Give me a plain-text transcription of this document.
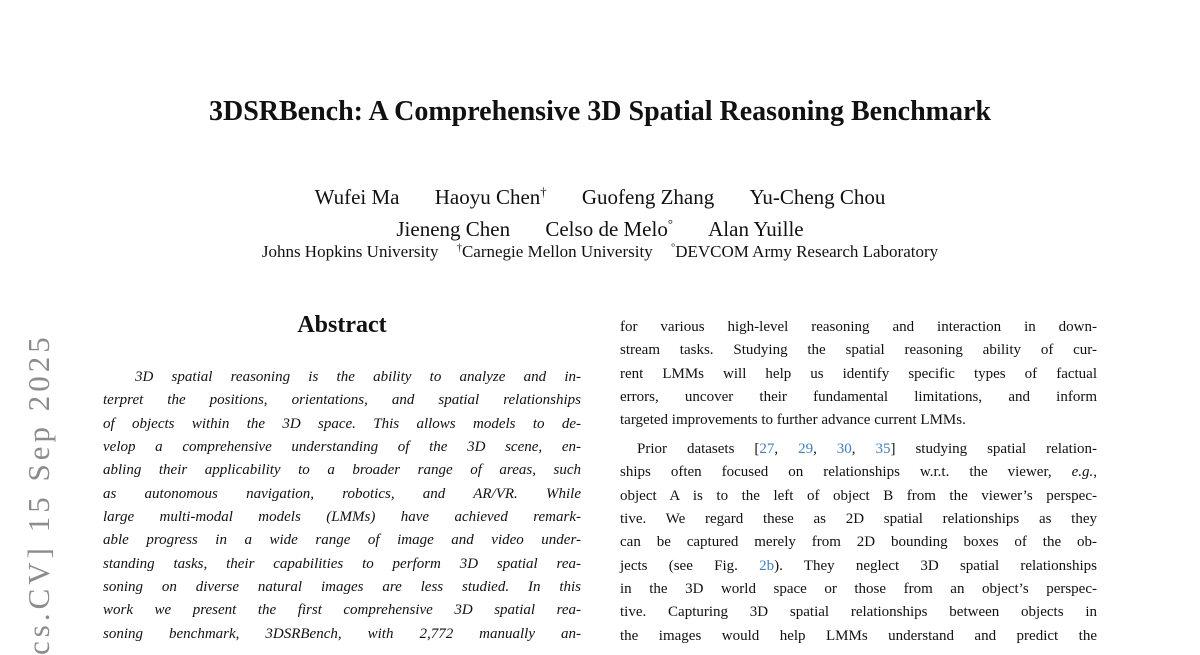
cs.CV] 15 Sep 2025
3DSRBench: A Comprehensive 3D Spatial Reasoning Benchmark
Wufei Ma Haoyu Chen† Guofeng Zhang Yu-Cheng Chou
Jieneng Chen Celso de Melo° Alan Yuille
Johns Hopkins University †Carnegie Mellon University °DEVCOM Army Research Laboratory
Abstract
3D spatial reasoning is the ability to analyze and in-
terpret the positions, orientations, and spatial relationships
of objects within the 3D space. This allows models to de-
velop a comprehensive understanding of the 3D scene, en-
abling their applicability to a broader range of areas, such
as autonomous navigation, robotics, and AR/VR. While
large multi-modal models (LMMs) have achieved remark-
able progress in a wide range of image and video under-
standing tasks, their capabilities to perform 3D spatial rea-
soning on diverse natural images are less studied. In this
work we present the first comprehensive 3D spatial rea-
soning benchmark, 3DSRBench, with 2,772 manually an-
for various high-level reasoning and interaction in down-
stream tasks. Studying the spatial reasoning ability of cur-
rent LMMs will help us identify specific types of factual
errors, uncover their fundamental limitations, and inform
targeted improvements to further advance current LMMs.
Prior datasets [27, 29, 30, 35] studying spatial relation-
ships often focused on relationships w.r.t. the viewer, e.g.,
object A is to the left of object B from the viewer’s perspec-
tive. We regard these as 2D spatial relationships as they
can be captured merely from 2D bounding boxes of the ob-
jects (see Fig. 2b). They neglect 3D spatial relationships
in the 3D world space or those from an object’s perspec-
tive. Capturing 3D spatial relationships between objects in
the images would help LMMs understand and predict the
